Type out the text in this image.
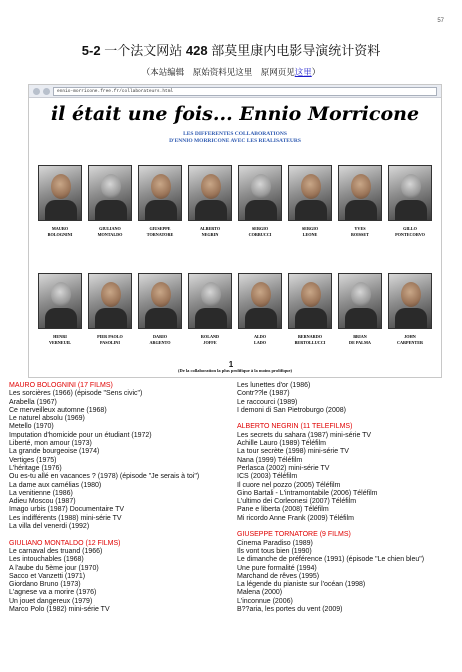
57
5-2 一个法文网站 428 部莫里康内电影导演统计资料
（本站编辑　原始资料见这里　原网页见这里）
ennio-morricone.free.fr/collaborateurs.html
il était une fois... Ennio Morricone
LES DIFFERENTES COLLABORATIONS
D'ENNIO MORRICONE AVEC LES REALISATEURS
MAURO
BOLOGNINI
GIULIANO
MONTALDO
GIUSEPPE
TORNATORE
ALBERTO
NEGRIN
SERGIO
CORBUCCI
SERGIO
LEONE
YVES
BOISSET
GILLO
PONTECORVO
HENRI
VERNEUIL
PIER PAOLO
PASOLINI
DARIO
ARGENTO
ROLAND
JOFFE
ALDO
LADO
BERNARDO
BERTOLLUCCI
BRIAN
DE PALMA
JOHN
CARPENTER
(De la collaboration la plus prolifique à la moins prolifique)
1
MAURO BOLOGNINI (17 FILMS)
Les sorcières (1966) (épisode "Sens civic")
Arabella (1967)
Ce merveilleux automne (1968)
Le naturel absolu (1969)
Metello (1970)
Imputation d'homicide pour un étudiant (1972)
Liberté, mon amour (1973)
La grande bourgeoise (1974)
Vertiges (1975)
L'héritage (1976)
Ou es-tu allé en vacances ? (1978) (épisode "Je serais à toi")
La dame aux camélias (1980)
La venitienne (1986)
Adieu Moscou (1987)
Imago urbis (1987) Documentaire TV
Les indifférents (1988) mini-série TV
La villa del venerdi (1992)
GIULIANO MONTALDO (12 FILMS)
Le carnaval des truand (1966)
Les intouchables (1968)
A l'aube du 5ème jour (1970)
Sacco et Vanzetti (1971)
Giordano Bruno (1973)
L'agnese va a morire (1976)
Un jouet dangereux (1979)
Marco Polo (1982) mini-série TV
Les lunettes d'or (1986)
Contr??le (1987)
Le raccourci (1989)
I demoni di San Pietroburgo (2008)
ALBERTO NEGRIN (11 TELEFILMS)
Les secrets du sahara (1987) mini-série TV
Achille Lauro (1989) Téléfilm
La tour secrète (1998) mini-série TV
Nana (1999) Téléfilm
Perlasca (2002) mini-série TV
ICS (2003) Téléfilm
Il cuore nel pozzo (2005) Téléfilm
Gino Bartali - L'intramontabile (2006) Téléfilm
L'ultimo dei Corleonesi (2007) Téléfilm
Pane e liberta (2008) Téléfilm
Mi ricordo Anne Frank (2009) Téléfilm
GIUSEPPE TORNATORE (9 FILMS)
Cinema Paradiso (1989)
Ils vont tous bien (1990)
Le dimanche de préférence (1991) (épisode "Le chien bleu")
Une pure formalité (1994)
Marchand de rêves (1995)
La légende du pianiste sur l'océan (1998)
Malena (2000)
L'inconnue (2006)
B??aria, les portes du vent (2009)
